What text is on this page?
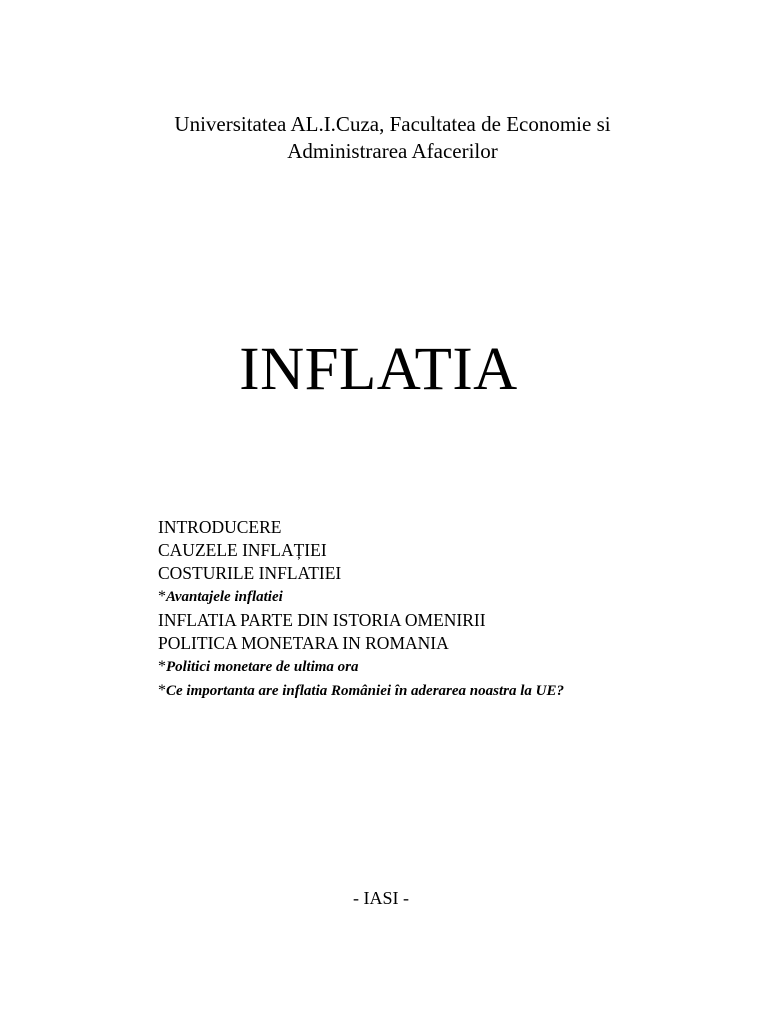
Universitatea AL.I.Cuza, Facultatea de Economie si
Administrarea Afacerilor
INFLATIA
INTRODUCERE
CAUZELE INFLAȚIEI
COSTURILE INFLATIEI
*Avantajele inflatiei
INFLATIA PARTE DIN ISTORIA OMENIRII
POLITICA MONETARA IN ROMANIA
*Politici monetare de ultima ora
*Ce importanta are inflatia României în aderarea noastra la UE?
- IASI -
